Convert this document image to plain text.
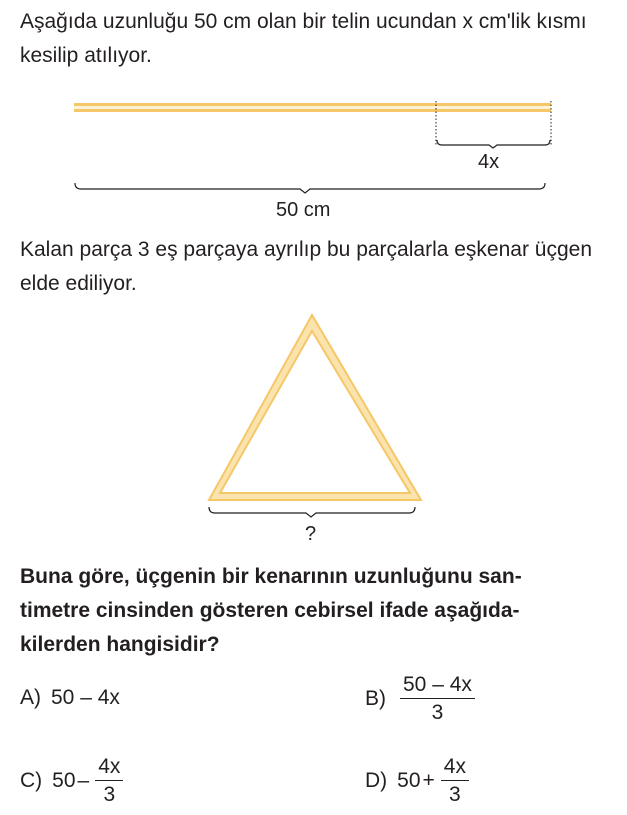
Aşağıda uzunluğu 50 cm olan bir telin ucundan x cm'lik kısmı kesilip atılıyor.
4x
50 cm
Kalan parça 3 eş parçaya ayrılıp bu parçalarla eşkenar üçgen elde ediliyor.
?
Buna göre, üçgenin bir kenarının uzunluğunu san-
timetre cinsinden gösteren cebirsel ifade aşağıda-
kilerden hangisidir?
A) 50 – 4x	$B) \frac{50 - 4x}{3}$
C) $50 - \frac{4x}{3}$	D) $50 + \frac{4x}{3}$
